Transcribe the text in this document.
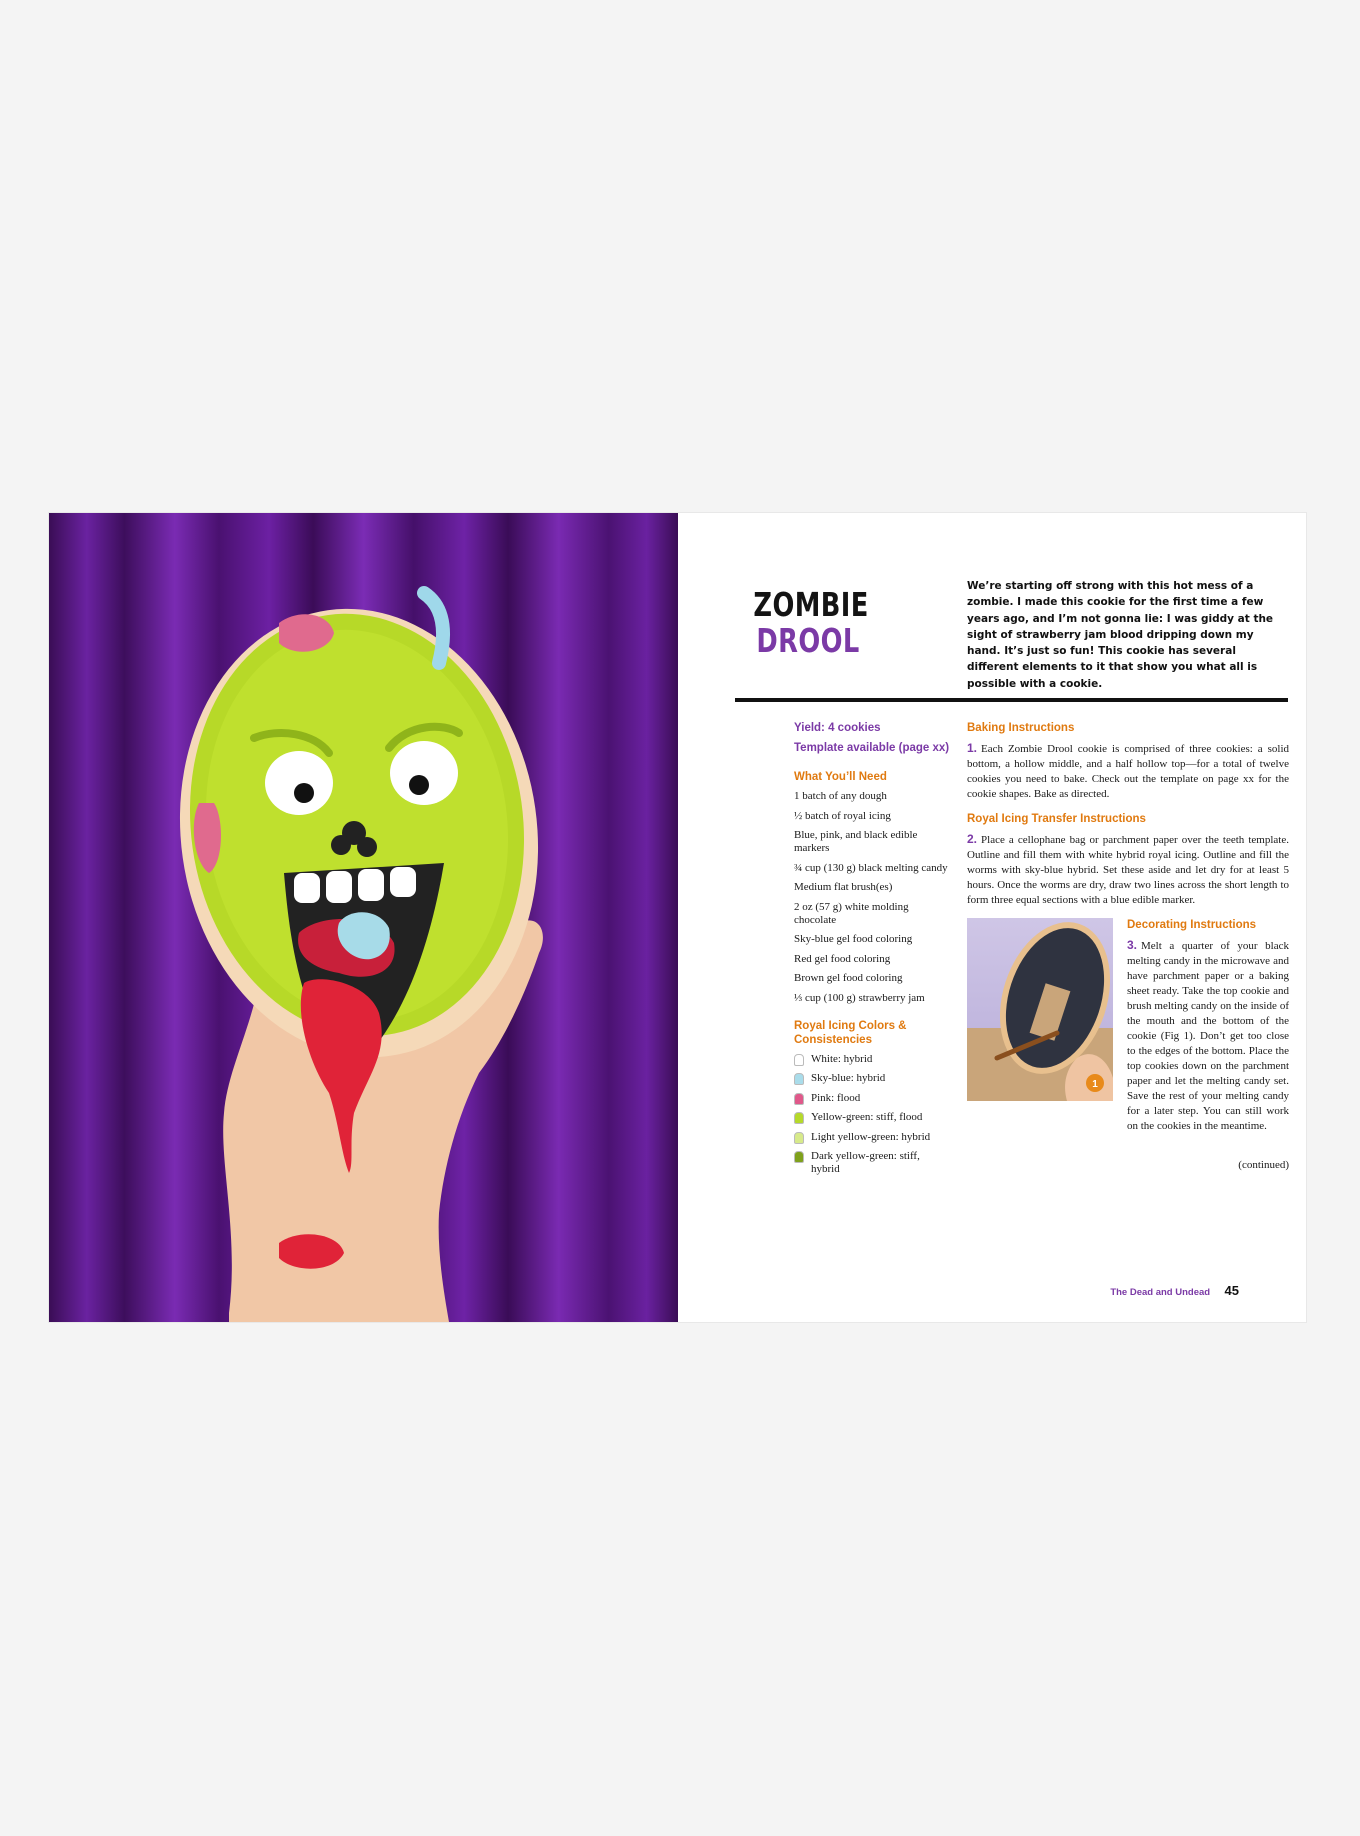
ZOMBIE
DROOL
We’re starting off strong with this hot mess of a zombie. I made this cookie for the first time a few years ago, and I’m not gonna lie: I was giddy at the sight of strawberry jam blood dripping down my hand. It’s just so fun! This cookie has several different elements to it that show you what all is possible with a cookie.
Yield: 4 cookies
Template available (page xx)
What You’ll Need
1 batch of any dough
½ batch of royal icing
Blue, pink, and black edible markers
¾ cup (130 g) black melting candy
Medium flat brush(es)
2 oz (57 g) white molding chocolate
Sky-blue gel food coloring
Red gel food coloring
Brown gel food coloring
⅓ cup (100 g) strawberry jam
Royal Icing Colors & Consistencies
White: hybrid
Sky-blue: hybrid
Pink: flood
Yellow-green: stiff, flood
Light yellow-green: hybrid
Dark yellow-green: stiff, hybrid
Baking Instructions

1. Each Zombie Drool cookie is comprised of three cookies: a solid bottom, a hollow middle, and a half hollow top—for a total of twelve cookies you need to bake. Check out the template on page xx for the cookie shapes. Bake as directed.

Royal Icing Transfer Instructions

2. Place a cellophane bag or parchment paper over the teeth template. Outline and fill them with white hybrid royal icing. Outline and fill the worms with sky-blue hybrid. Set these aside and let dry for at least 5 hours. Once the worms are dry, draw two lines across the short length to form three equal sections with a blue edible marker.

1
Decorating Instructions

3. Melt a quarter of your black melting candy in the microwave and have parchment paper or a baking sheet ready. Take the top cookie and brush melting candy on the inside of the mouth and the bottom of the cookie (Fig 1). Don’t get too close to the edges of the bottom. Place the top cookies down on the parchment paper and let the melting candy set. Save the rest of your melting candy for a later step. You can still work on the cookies in the meantime.

(continued)
The Dead and Undead 45
